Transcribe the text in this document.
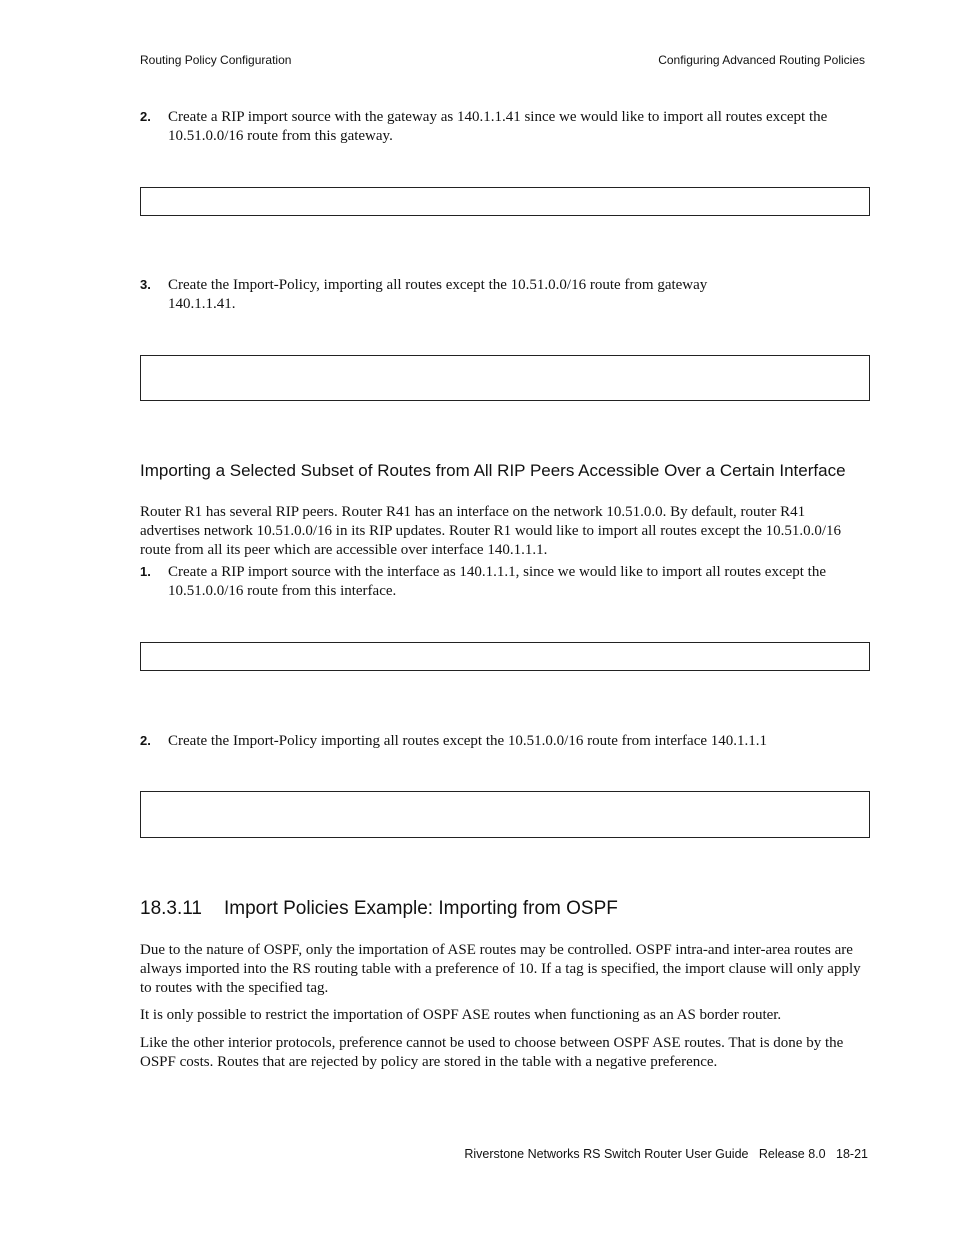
Routing Policy Configuration	Configuring Advanced Routing Policies
2. Create a RIP import source with the gateway as 140.1.1.41 since we would like to import all routes except the 10.51.0.0/16 route from this gateway.
3. Create the Import-Policy, importing all routes except the 10.51.0.0/16 route from gateway 140.1.1.41.
Importing a Selected Subset of Routes from All RIP Peers Accessible Over a Certain Interface
Router R1 has several RIP peers. Router R41 has an interface on the network 10.51.0.0. By default, router R41 advertises network 10.51.0.0/16 in its RIP updates. Router R1 would like to import all routes except the 10.51.0.0/16 route from all its peer which are accessible over interface 140.1.1.1.
1. Create a RIP import source with the interface as 140.1.1.1, since we would like to import all routes except the 10.51.0.0/16 route from this interface.
2. Create the Import-Policy importing all routes except the 10.51.0.0/16 route from interface 140.1.1.1
18.3.11 Import Policies Example: Importing from OSPF
Due to the nature of OSPF, only the importation of ASE routes may be controlled. OSPF intra-and inter-area routes are always imported into the RS routing table with a preference of 10. If a tag is specified, the import clause will only apply to routes with the specified tag.
It is only possible to restrict the importation of OSPF ASE routes when functioning as an AS border router.
Like the other interior protocols, preference cannot be used to choose between OSPF ASE routes. That is done by the OSPF costs. Routes that are rejected by policy are stored in the table with a negative preference.
Riverstone Networks RS Switch Router User Guide   Release 8.0   18-21
